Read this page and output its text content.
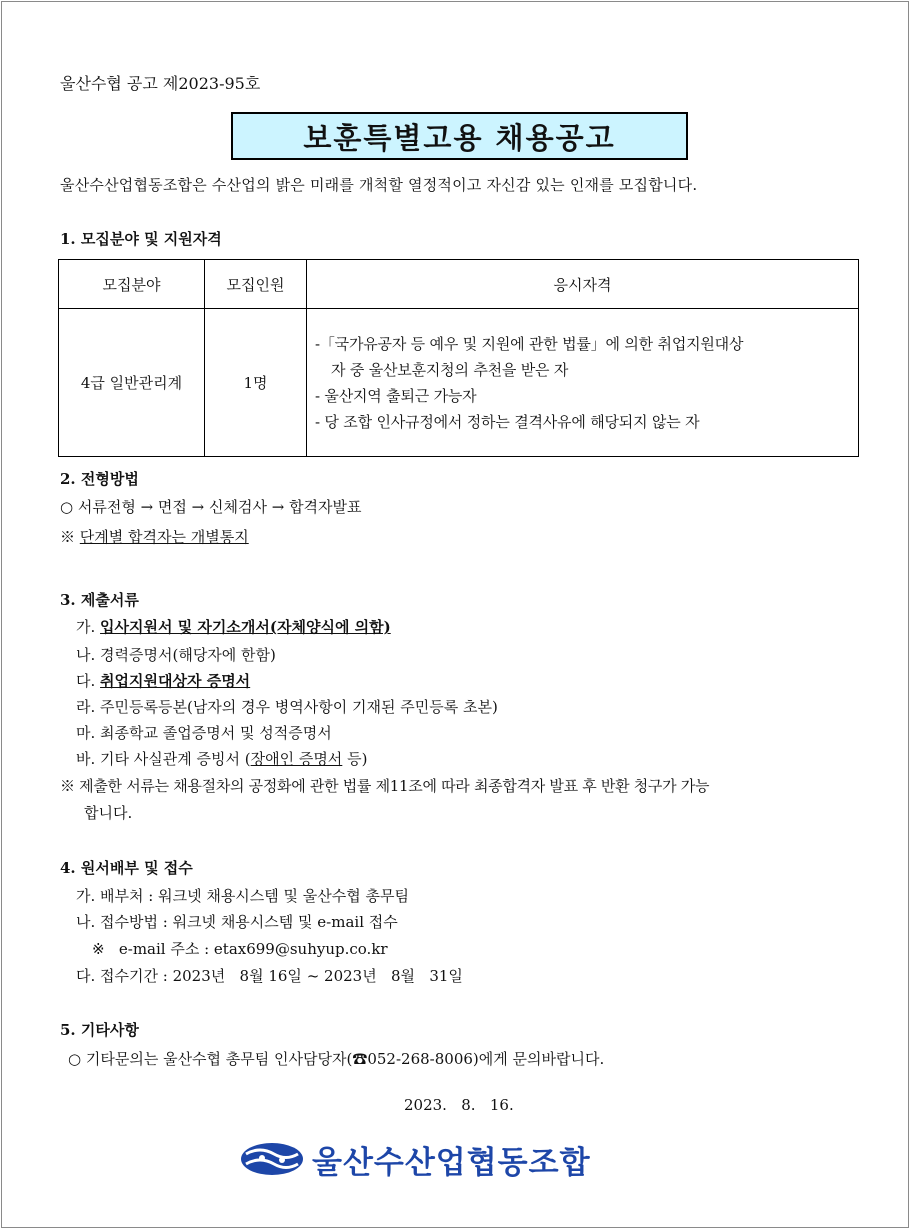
울산수협 공고 제2023-95호
보훈특별고용 채용공고
울산수산업협동조합은 수산업의 밝은 미래를 개척할 열정적이고 자신감 있는 인재를 모집합니다.
1. 모집분야 및 지원자격
모집분야	모집인원	응시자격
4급 일반관리계	1명	-「국가유공자 등 예우 및 지원에 관한 법률」에 의한 취업지원대상
자 중 울산보훈지청의 추천을 받은 자
- 울산지역 출퇴근 가능자
- 당 조합 인사규정에서 정하는 결격사유에 해당되지 않는 자
2. 전형방법
○ 서류전형 → 면접 → 신체검사 → 합격자발표
※ 단계별 합격자는 개별통지
3. 제출서류
가. 입사지원서 및 자기소개서(자체양식에 의함)
나. 경력증명서(해당자에 한함)
다. 취업지원대상자 증명서
라. 주민등록등본(남자의 경우 병역사항이 기재된 주민등록 초본)
마. 최종학교 졸업증명서 및 성적증명서
바. 기타 사실관계 증빙서 (장애인 증명서 등)
※ 제출한 서류는 채용절차의 공정화에 관한 법률 제11조에 따라 최종합격자 발표 후 반환 청구가 가능
합니다.
4. 원서배부 및 접수
가. 배부처 : 워크넷 채용시스템 및 울산수협 총무팀
나. 접수방법 : 워크넷 채용시스템 및 e-mail 접수
※   e-mail 주소 : etax699@suhyup.co.kr
다. 접수기간 : 2023년   8월 16일 ~ 2023년   8월   31일
5. 기타사항
○ 기타문의는 울산수협 총무팀 인사담당자(☎052-268-8006)에게 문의바랍니다.
2023.   8.   16.
울산수산업협동조합
